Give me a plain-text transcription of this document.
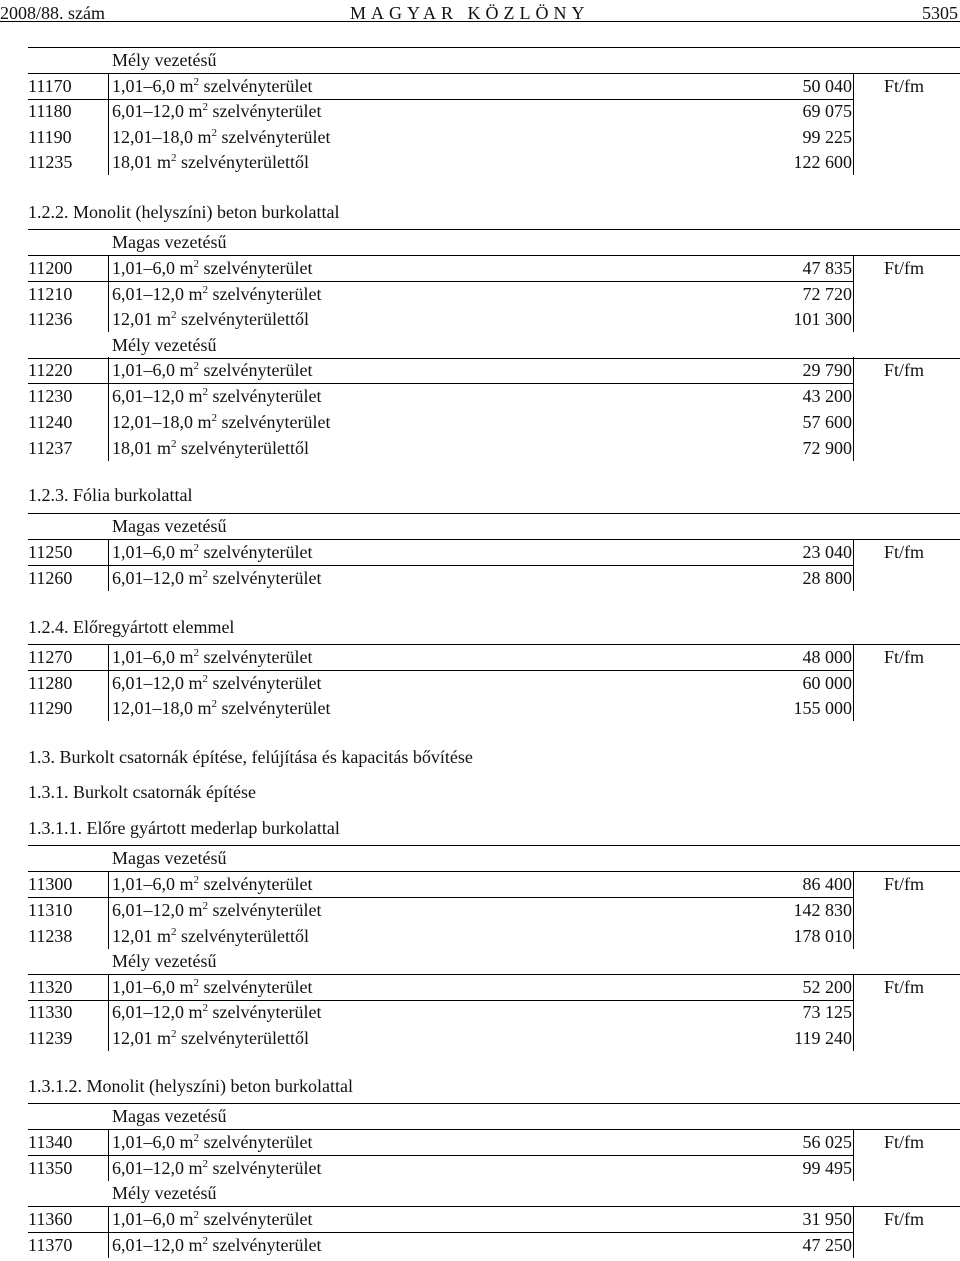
2008/88. szám	MAGYAR KÖZLÖNY	5305
Mély vezetésű
11170	1,01–6,0 $m^2$ szelvényterület	50 040 Ft/fm
11180	6,01–12,0 $m^2$ szelvényterület	69 075
11190	12,01–18,0 $m^2$ szelvényterület	99 225
11235	18,01 $m^2$ szelvényterülettől	122 600
1.2.2. Monolit (helyszíni) beton burkolattal
Magas vezetésű
11200	1,01–6,0 $m^2$ szelvényterület	47 835 Ft/fm
11210	6,01–12,0 $m^2$ szelvényterület	72 720
11236	12,01 $m^2$ szelvényterülettől	101 300
Mély vezetésű
11220	1,01–6,0 $m^2$ szelvényterület	29 790 Ft/fm
11230	6,01–12,0 $m^2$ szelvényterület	43 200
11240	12,01–18,0 $m^2$ szelvényterület	57 600
11237	18,01 $m^2$ szelvényterülettől	72 900
1.2.3. Fólia burkolattal
Magas vezetésű
11250	1,01–6,0 $m^2$ szelvényterület	23 040 Ft/fm
11260	6,01–12,0 $m^2$ szelvényterület	28 800
1.2.4. Előregyártott elemmel
11270	1,01–6,0 $m^2$ szelvényterület	48 000 Ft/fm
11280	6,01–12,0 $m^2$ szelvényterület	60 000
11290	12,01–18,0 $m^2$ szelvényterület	155 000
1.3. Burkolt csatornák építése, felújítása és kapacitás bővítése
1.3.1. Burkolt csatornák építése
1.3.1.1. Előre gyártott mederlap burkolattal
Magas vezetésű
11300	1,01–6,0 $m^2$ szelvényterület	86 400 Ft/fm
11310	6,01–12,0 $m^2$ szelvényterület	142 830
11238	12,01 $m^2$ szelvényterülettől	178 010
Mély vezetésű
11320	1,01–6,0 $m^2$ szelvényterület	52 200 Ft/fm
11330	6,01–12,0 $m^2$ szelvényterület	73 125
11239	12,01 $m^2$ szelvényterülettől	119 240
1.3.1.2. Monolit (helyszíni) beton burkolattal
Magas vezetésű
11340	1,01–6,0 $m^2$ szelvényterület	56 025 Ft/fm
11350	6,01–12,0 $m^2$ szelvényterület	99 495
Mély vezetésű
11360	1,01–6,0 $m^2$ szelvényterület	31 950 Ft/fm
11370	6,01–12,0 $m^2$ szelvényterület	47 250
